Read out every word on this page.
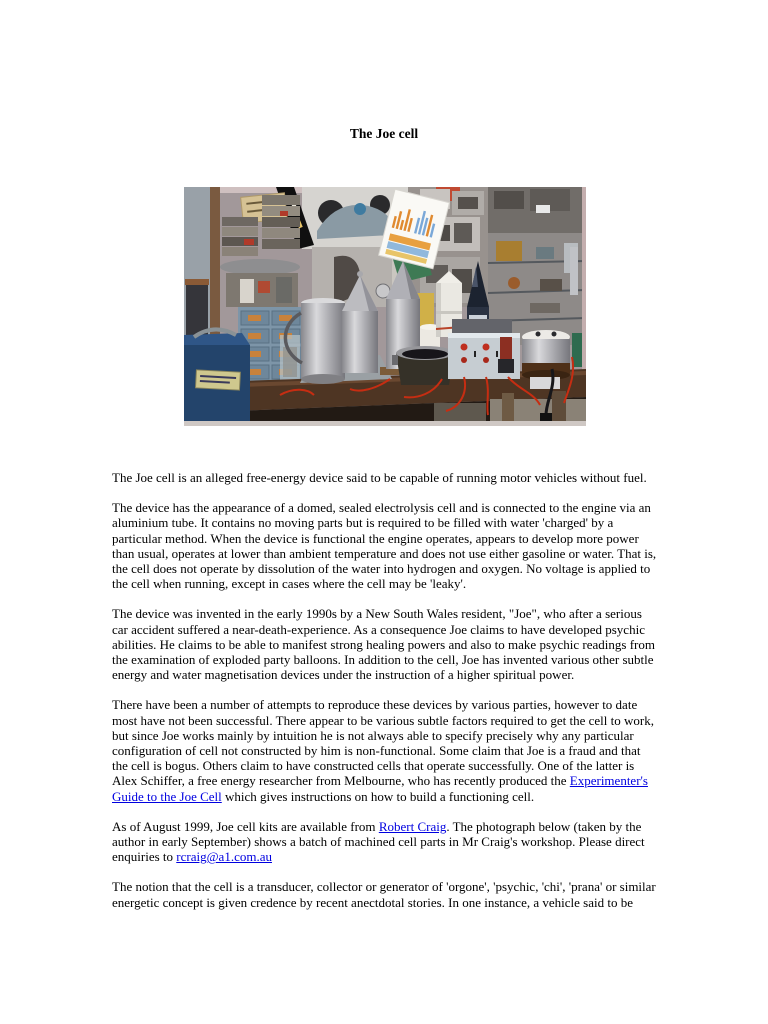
The Joe cell

The Joe cell is an alleged free-energy device said to be capable of running motor vehicles without fuel.

The device has the appearance of a domed, sealed electrolysis cell and is connected to the engine via an aluminium tube. It contains no moving parts but is required to be filled with water 'charged' by a particular method. When the device is functional the engine operates, appears to develop more power than usual, operates at lower than ambient temperature and does not use either gasoline or water. That is, the cell does not operate by dissolution of the water into hydrogen and oxygen. No voltage is applied to the cell when running, except in cases where the cell may be 'leaky'.

The device was invented in the early 1990s by a New South Wales resident, "Joe", who after a serious car accident suffered a near-death-experience. As a consequence Joe claims to have developed psychic abilities. He claims to be able to manifest strong healing powers and also to make psychic readings from the examination of exploded party balloons. In addition to the cell, Joe has invented various other subtle energy and water magnetisation devices under the instruction of a higher spiritual power.

There have been a number of attempts to reproduce these devices by various parties, however to date most have not been successful. There appear to be various subtle factors required to get the cell to work, but since Joe works mainly by intuition he is not always able to specify precisely why any particular configuration of cell not constructed by him is non-functional. Some claim that Joe is a fraud and that the cell is bogus. Others claim to have constructed cells that operate successfully. One of the latter is Alex Schiffer, a free energy researcher from Melbourne, who has recently produced the Experimenter's Guide to the Joe Cell which gives instructions on how to build a functioning cell.

As of August 1999, Joe cell kits are available from Robert Craig. The photograph below (taken by the author in early September) shows a batch of machined cell parts in Mr Craig's workshop. Please direct enquiries to rcraig@a1.com.au

The notion that the cell is a transducer, collector or generator of 'orgone', 'psychic, 'chi', 'prana' or similar energetic concept is given credence by recent anectdotal stories. In one instance, a vehicle said to be
